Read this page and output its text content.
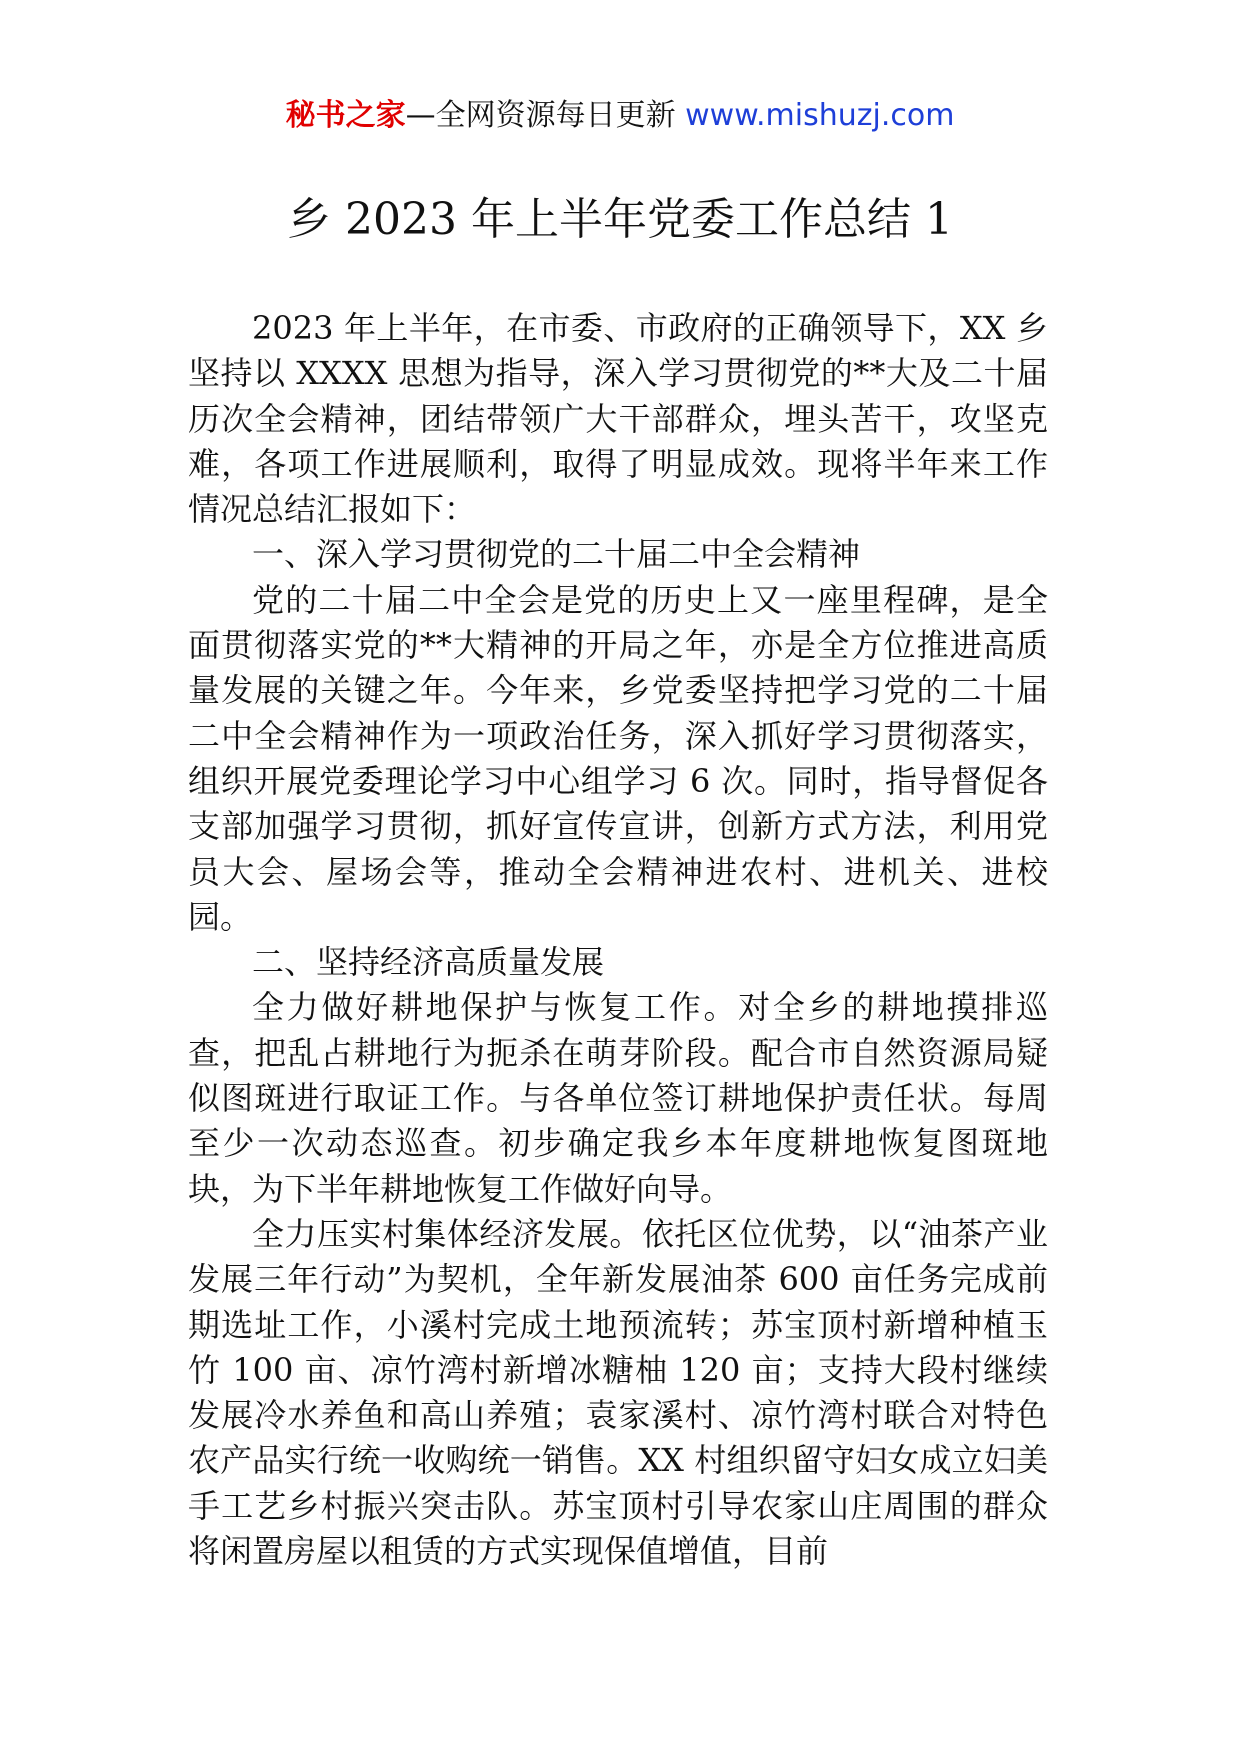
秘书之家—全网资源每日更新 www.mishuzj.com
乡 2023 年上半年党委工作总结 1

2023 年上半年，在市委、市政府的正确领导下，XX 乡坚持以 XXXX 思想为指导，深入学习贯彻党的**大及二十届历次全会精神，团结带领广大干部群众，埋头苦干，攻坚克难，各项工作进展顺利，取得了明显成效。现将半年来工作情况总结汇报如下：

一、深入学习贯彻党的二十届二中全会精神

党的二十届二中全会是党的历史上又一座里程碑，是全面贯彻落实党的**大精神的开局之年，亦是全方位推进高质量发展的关键之年。今年来，乡党委坚持把学习党的二十届二中全会精神作为一项政治任务，深入抓好学习贯彻落实，组织开展党委理论学习中心组学习 6 次。同时，指导督促各支部加强学习贯彻，抓好宣传宣讲，创新方式方法，利用党员大会、屋场会等，推动全会精神进农村、进机关、进校园。

二、坚持经济高质量发展

全力做好耕地保护与恢复工作。对全乡的耕地摸排巡查，把乱占耕地行为扼杀在萌芽阶段。配合市自然资源局疑似图斑进行取证工作。与各单位签订耕地保护责任状。每周至少一次动态巡查。初步确定我乡本年度耕地恢复图斑地块，为下半年耕地恢复工作做好向导。

全力压实村集体经济发展。依托区位优势，以“油茶产业发展三年行动”为契机，全年新发展油茶 600 亩任务完成前期选址工作，小溪村完成土地预流转；苏宝顶村新增种植玉竹 100 亩、凉竹湾村新增冰糖柚 120 亩；支持大段村继续发展冷水养鱼和高山养殖；袁家溪村、凉竹湾村联合对特色农产品实行统一收购统一销售。XX 村组织留守妇女成立妇美手工艺乡村振兴突击队。苏宝顶村引导农家山庄周围的群众将闲置房屋以租赁的方式实现保值增值，目前
